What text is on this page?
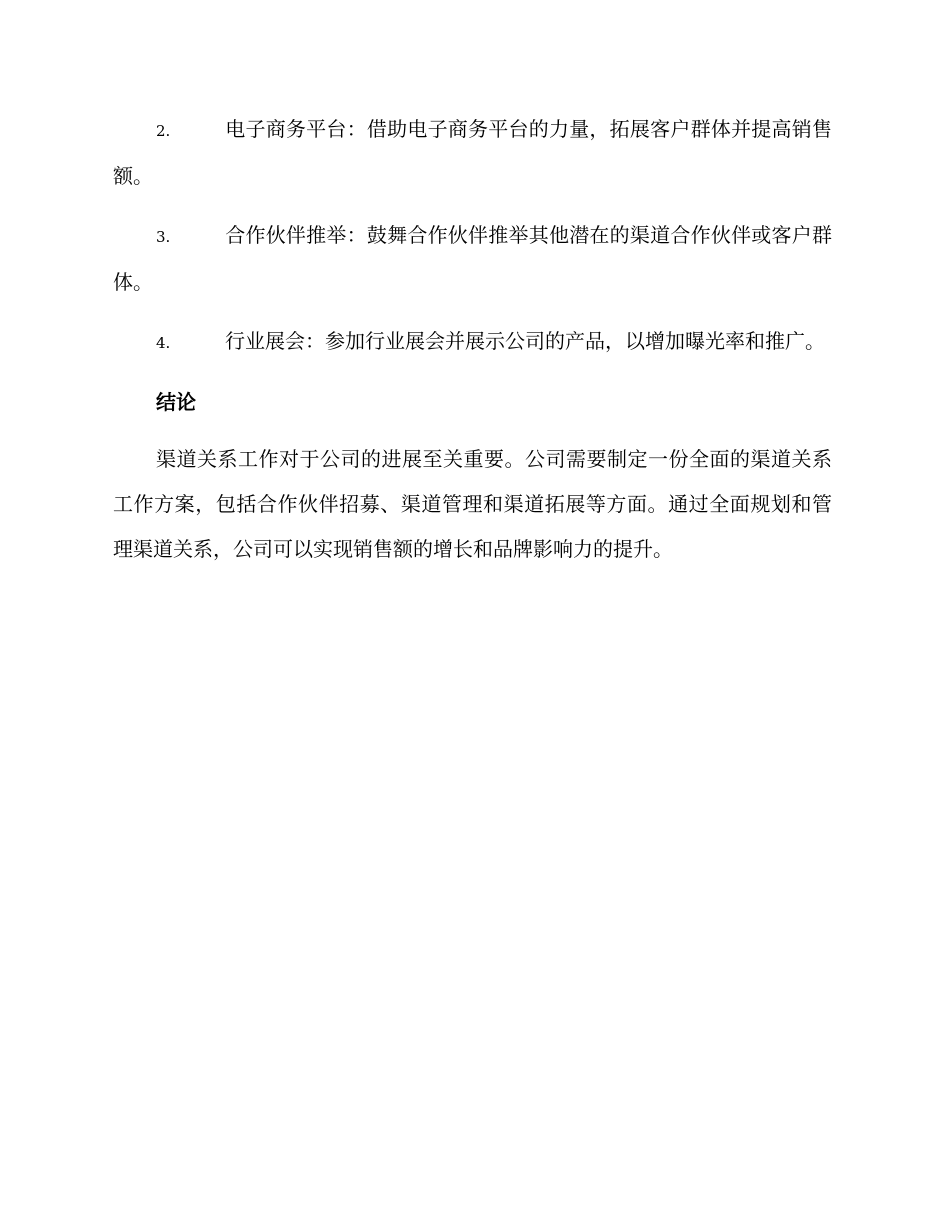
2.	电子商务平台：借助电子商务平台的力量，拓展客户群体并提高销售额。
3.	合作伙伴推举：鼓舞合作伙伴推举其他潜在的渠道合作伙伴或客户群体。
4.	行业展会：参加行业展会并展示公司的产品，以增加曝光率和推广。
结论

渠道关系工作对于公司的进展至关重要。公司需要制定一份全面的渠道关系工作方案，包括合作伙伴招募、渠道管理和渠道拓展等方面。通过全面规划和管理渠道关系，公司可以实现销售额的增长和品牌影响力的提升。
